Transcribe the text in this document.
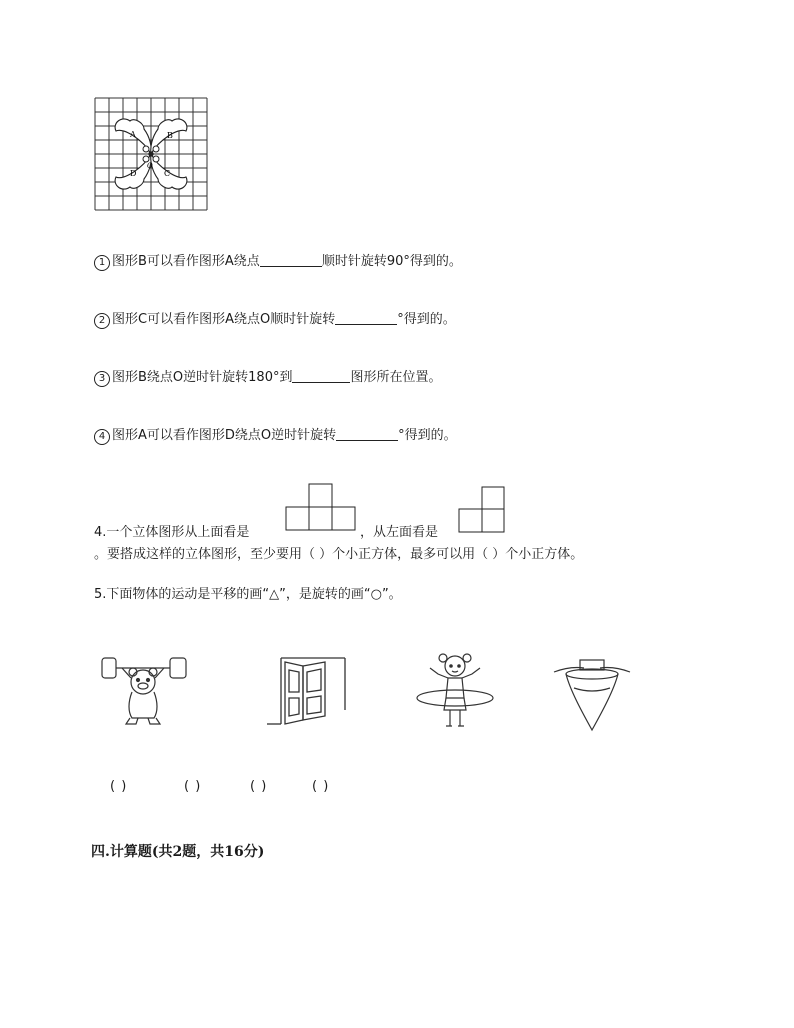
A	B
C
D
O
1 图形B可以看作图形A绕点	顺时针旋转90°得到的。
2 图形C可以看作图形A绕点O顺时针旋转	°得到的。
3 图形B绕点O逆时针旋转180°到	图形所在位置。
4 图形A可以看作图形D绕点O逆时针旋转	°得到的。
4.一个立体图形从上面看是	，从左面看是
。要搭成这样的立体图形，至少要用（ ）个小正方体，最多可以用（ ）个小正方体。
5.下面物体的运动是平移的画“△”，是旋转的画“○”。
( )	( )	( )	( )
四.计算题(共2题，共16分)
